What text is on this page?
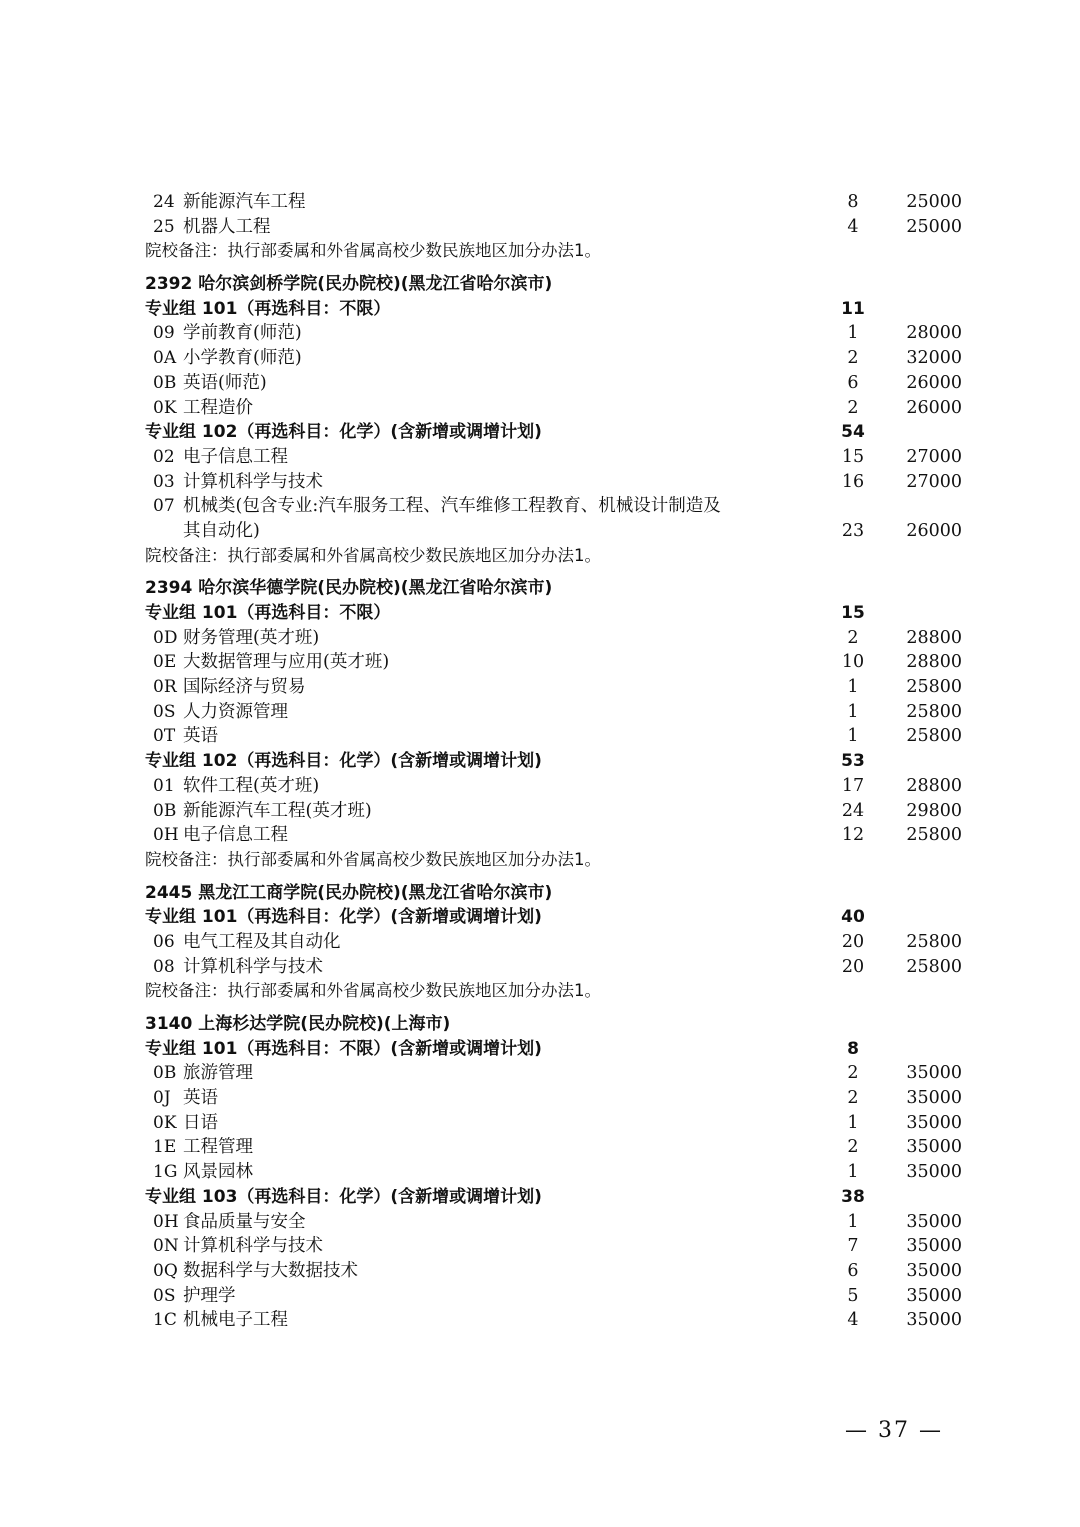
24 新能源汽车工程	8	25000
25 机器人工程	4	25000
院校备注：执行部委属和外省属高校少数民族地区加分办法1。
2392 哈尔滨剑桥学院(民办院校)(黑龙江省哈尔滨市)
专业组 101（再选科目：不限）	11
09 学前教育(师范)	1	28000
0A 小学教育(师范)	2	32000
0B 英语(师范)	6	26000
0K 工程造价	2	26000
专业组 102（再选科目：化学）(含新增或调增计划)	54
02 电子信息工程	15	27000
03 计算机科学与技术	16	27000
07 机械类(包含专业:汽车服务工程、汽车维修工程教育、机械设计制造及
其自动化)	23	26000
院校备注：执行部委属和外省属高校少数民族地区加分办法1。
2394 哈尔滨华德学院(民办院校)(黑龙江省哈尔滨市)
专业组 101（再选科目：不限）	15
0D 财务管理(英才班)	2	28800
0E 大数据管理与应用(英才班)	10	28800
0R 国际经济与贸易	1	25800
0S 人力资源管理	1	25800
0T 英语	1	25800
专业组 102（再选科目：化学）(含新增或调增计划)	53
01 软件工程(英才班)	17	28800
0B 新能源汽车工程(英才班)	24	29800
0H 电子信息工程	12	25800
院校备注：执行部委属和外省属高校少数民族地区加分办法1。
2445 黑龙江工商学院(民办院校)(黑龙江省哈尔滨市)
专业组 101（再选科目：化学）(含新增或调增计划)	40
06 电气工程及其自动化	20	25800
08 计算机科学与技术	20	25800
院校备注：执行部委属和外省属高校少数民族地区加分办法1。
3140 上海杉达学院(民办院校)(上海市)
专业组 101（再选科目：不限）(含新增或调增计划)	8
0B 旅游管理	2	35000
0J 英语	2	35000
0K 日语	1	35000
1E 工程管理	2	35000
1G 风景园林	1	35000
专业组 103（再选科目：化学）(含新增或调增计划)	38
0H 食品质量与安全	1	35000
0N 计算机科学与技术	7	35000
0Q 数据科学与大数据技术	6	35000
0S 护理学	5	35000
1C 机械电子工程	4	35000
— 37 —
